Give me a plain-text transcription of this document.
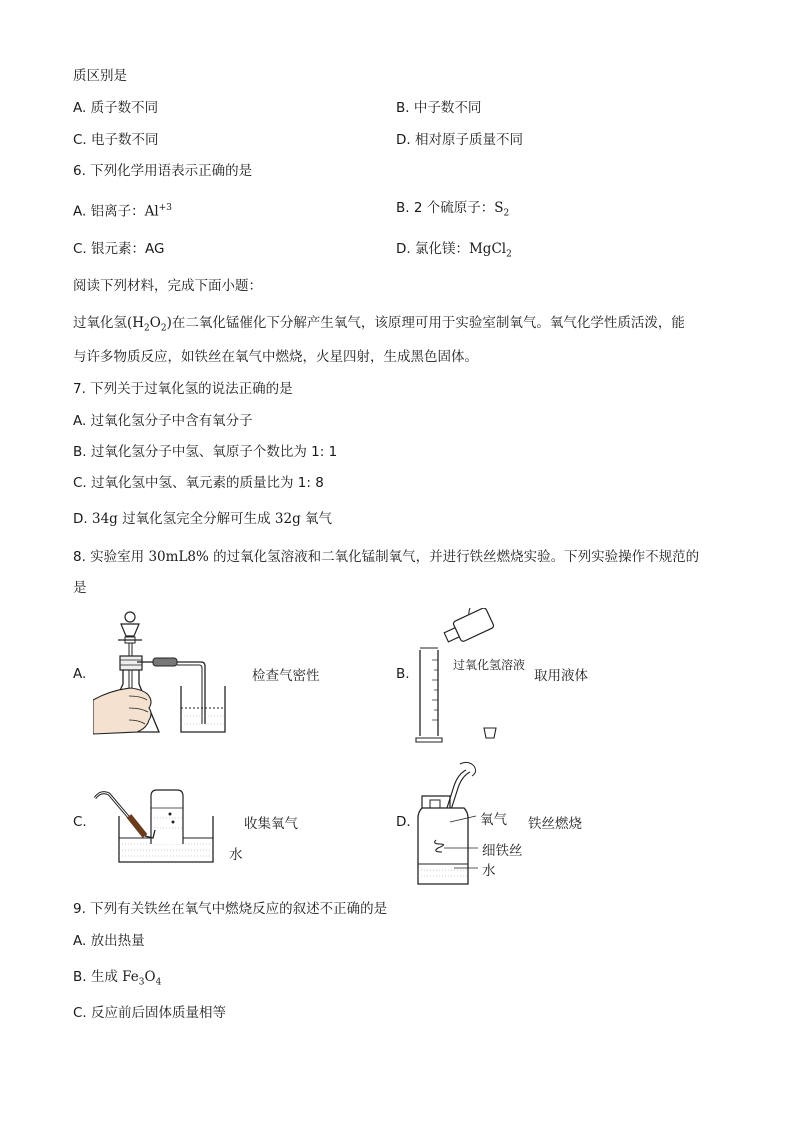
质区别是
A. 质子数不同	B. 中子数不同
C. 电子数不同	D. 相对原子质量不同
6. 下列化学用语表示正确的是
A. 铝离子：$Al^{+3}$	B. 2 个硫原子：$S_2$
C. 银元素：AG	D. 氯化镁：MgCl$_2$
阅读下列材料，完成下面小题：
过氧化氢$(H_2O_2)$在二氧化锰催化下分解产生氧气，该原理可用于实验室制氧气。氧气化学性质活泼，能
与许多物质反应，如铁丝在氧气中燃烧，火星四射，生成黑色固体。
7. 下列关于过氧化氢的说法正确的是
A. 过氧化氢分子中含有氧分子
B. 过氧化氢分子中氢、氧原子个数比为 1: 1
C. 过氧化氢中氢、氧元素的质量比为 1: 8
D. 34g 过氧化氢完全分解可生成 32g 氧气
8. 实验室用 30mL8% 的过氧化氢溶液和二氧化锰制氧气，并进行铁丝燃烧实验。下列实验操作不规范的
是
A.	检查气密性	B.
过氧化氢溶液
取用液体
C.	收集氧气
水
D.	氧气
细铁丝
水
铁丝燃烧
9. 下列有关铁丝在氧气中燃烧反应的叙述不正确的是
A. 放出热量
B. 生成 $Fe_3O_4$
C. 反应前后固体质量相等
